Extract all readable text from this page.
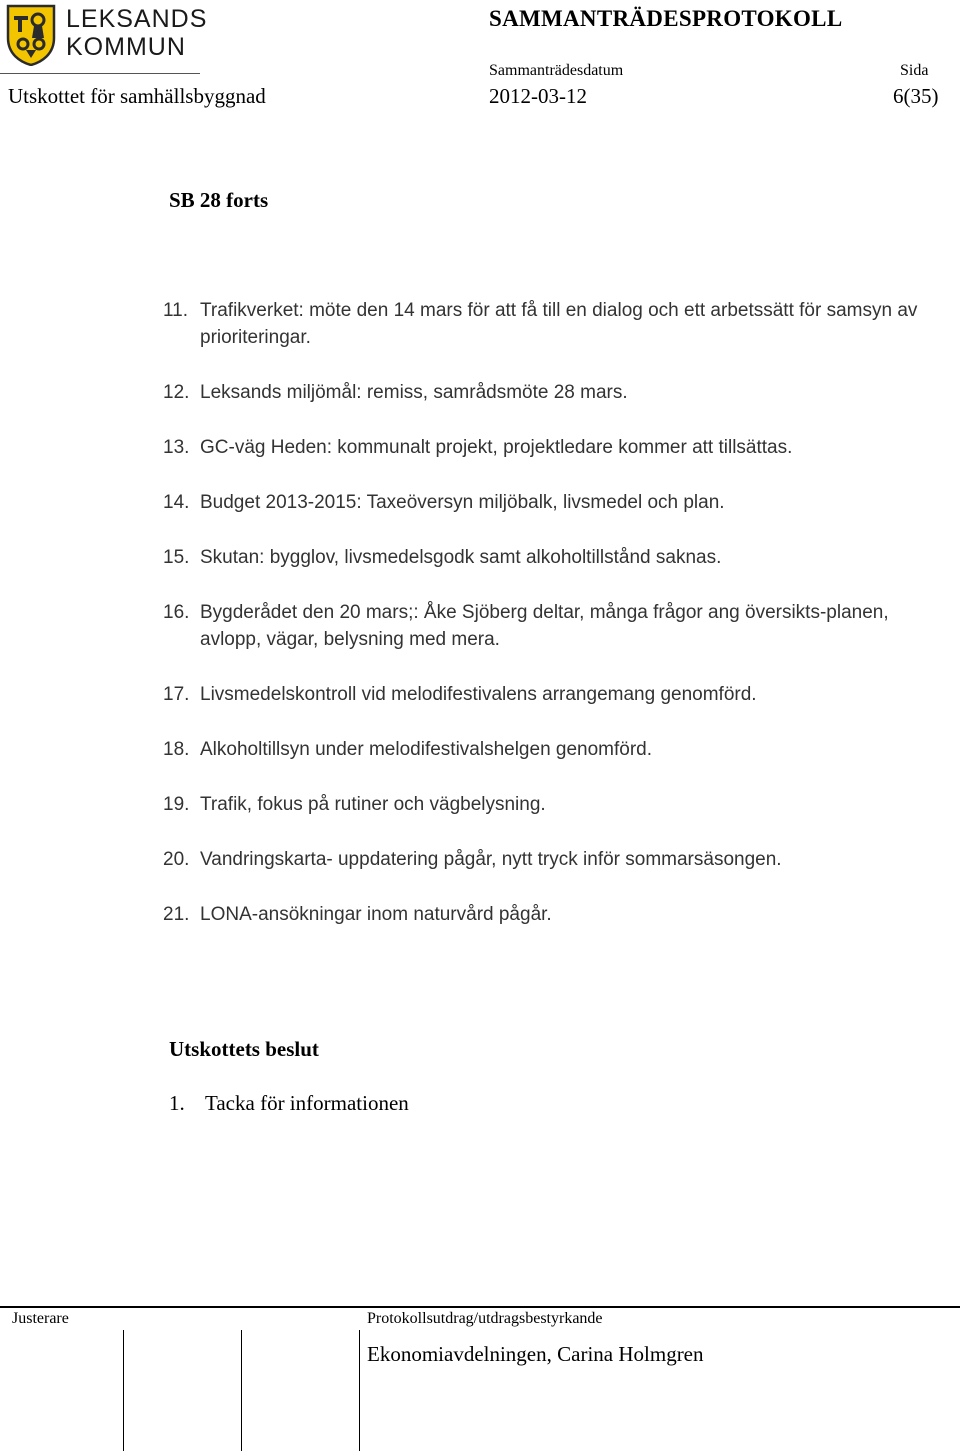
LEKSANDS
KOMMUN
SAMMANTRÄDESPROTOKOLL
Sammanträdesdatum	Sida
Utskottet för samhällsbyggnad	2012-03-12	6(35)
SB 28 forts
11. Trafikverket: möte den 14 mars för att få till en dialog och ett arbetssätt för samsyn av prioriteringar.
12. Leksands miljömål: remiss, samrådsmöte 28 mars.
13. GC-väg Heden: kommunalt projekt, projektledare kommer att tillsättas.
14. Budget 2013-2015: Taxeöversyn miljöbalk, livsmedel och plan.
15. Skutan: bygglov, livsmedelsgodk samt alkoholtillstånd saknas.
16. Bygderådet den 20 mars;: Åke Sjöberg deltar, många frågor ang översikts-planen, avlopp, vägar, belysning med mera.
17. Livsmedelskontroll vid melodifestivalens arrangemang genomförd.
18. Alkoholtillsyn under melodifestivalshelgen genomförd.
19. Trafik, fokus på rutiner och vägbelysning.
20. Vandringskarta- uppdatering pågår, nytt tryck inför sommarsäsongen.
21. LONA-ansökningar inom naturvård pågår.
Utskottets beslut
1. Tacka för informationen
Justerare	Protokollsutdrag/utdragsbestyrkande
Ekonomiavdelningen, Carina Holmgren
